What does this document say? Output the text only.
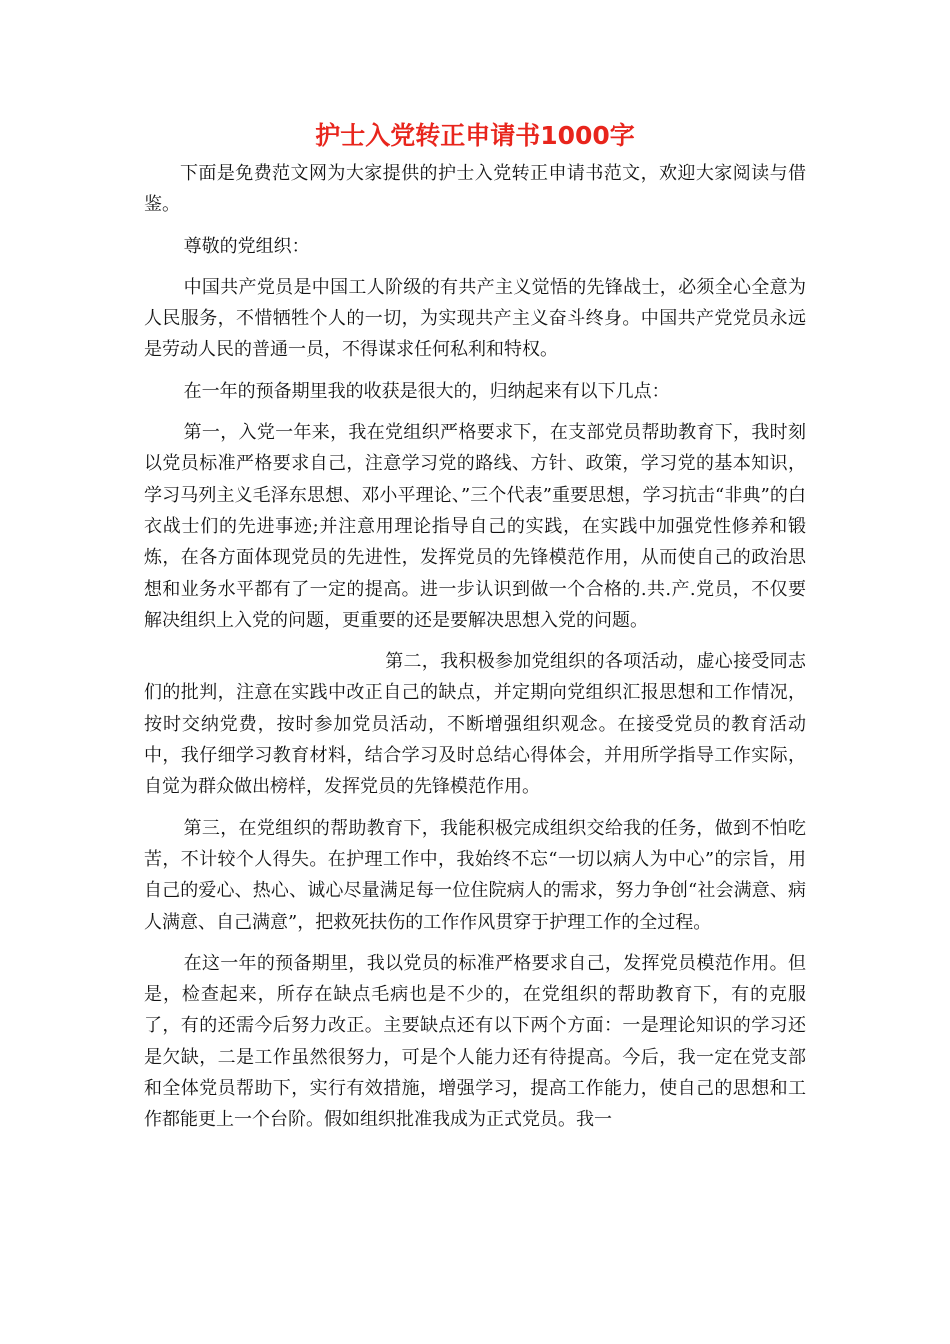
护士入党转正申请书1000字

下面是免费范文网为大家提供的护士入党转正申请书范文，欢迎大家阅读与借鉴。

尊敬的党组织：

中国共产党员是中国工人阶级的有共产主义觉悟的先锋战士，必须全心全意为人民服务，不惜牺牲个人的一切，为实现共产主义奋斗终身。中国共产党党员永远是劳动人民的普通一员，不得谋求任何私利和特权。

在一年的预备期里我的收获是很大的，归纳起来有以下几点：

第一，入党一年来，我在党组织严格要求下，在支部党员帮助教育下，我时刻以党员标准严格要求自己，注意学习党的路线、方针、政策，学习党的基本知识，学习马列主义毛泽东思想、邓小平理论、”三个代表”重要思想，学习抗击“非典”的白衣战士们的先进事迹;并注意用理论指导自己的实践，在实践中加强党性修养和锻炼，在各方面体现党员的先进性，发挥党员的先锋模范作用，从而使自己的政治思想和业务水平都有了一定的提高。进一步认识到做一个合格的.共.产.党员，不仅要解决组织上入党的问题，更重要的还是要解决思想入党的问题。

第二，我积极参加党组织的各项活动，虚心接受同志们的批判，注意在实践中改正自己的缺点，并定期向党组织汇报思想和工作情况，按时交纳党费，按时参加党员活动，不断增强组织观念。在接受党员的教育活动中，我仔细学习教育材料，结合学习及时总结心得体会，并用所学指导工作实际，自觉为群众做出榜样，发挥党员的先锋模范作用。

第三，在党组织的帮助教育下，我能积极完成组织交给我的任务，做到不怕吃苦，不计较个人得失。在护理工作中，我始终不忘“一切以病人为中心”的宗旨，用自己的爱心、热心、诚心尽量满足每一位住院病人的需求，努力争创“社会满意、病人满意、自己满意”，把救死扶伤的工作作风贯穿于护理工作的全过程。

在这一年的预备期里，我以党员的标准严格要求自己，发挥党员模范作用。但是，检查起来，所存在缺点毛病也是不少的，在党组织的帮助教育下，有的克服了，有的还需今后努力改正。主要缺点还有以下两个方面：一是理论知识的学习还是欠缺，二是工作虽然很努力，可是个人能力还有待提高。今后，我一定在党支部和全体党员帮助下，实行有效措施，增强学习，提高工作能力，使自己的思想和工作都能更上一个台阶。假如组织批准我成为正式党员。我一
